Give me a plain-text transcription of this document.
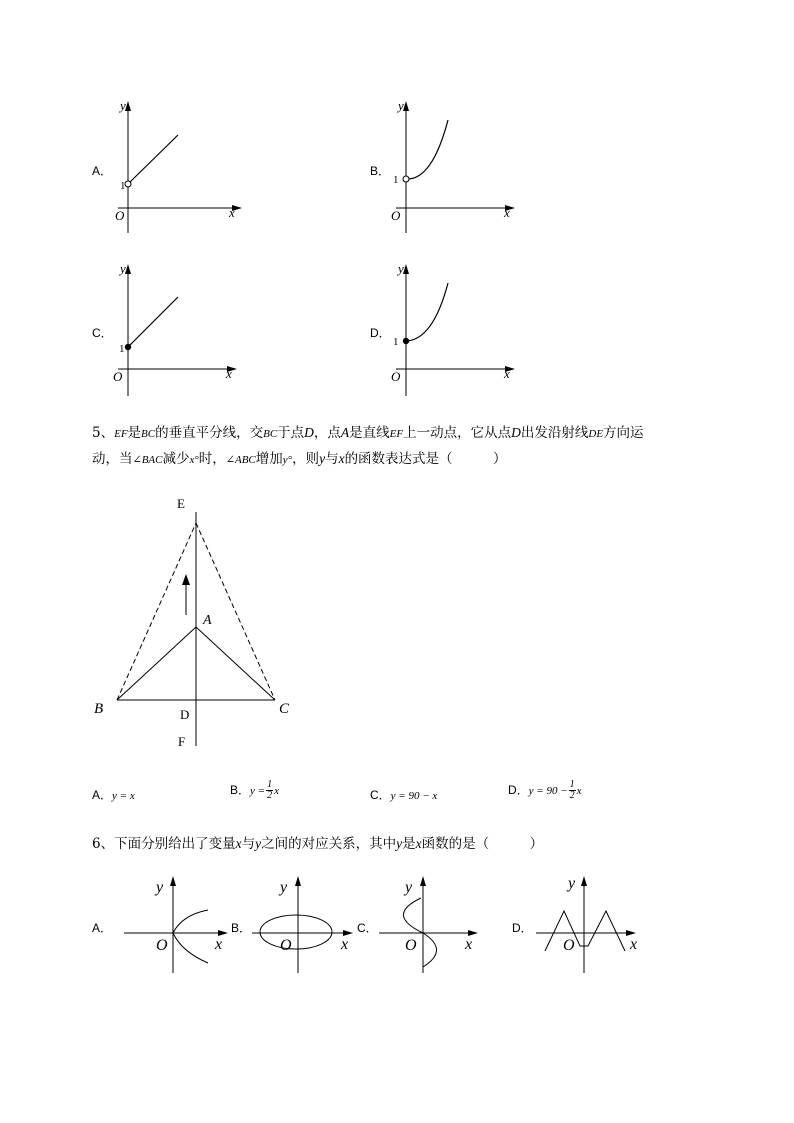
A．
y
x
O
1
B．
y
x
O
1
C．
y
x
O
1
D．
y
x
O
1
5、EF是BC的垂直平分线，交BC于点D，点A是直线EF上一动点，它从点D出发沿射线DE方向运
动，当∠BAC减少x°时，∠ABC增加y°，则y与x的函数表达式是（　　　）
E
A
B	C
D
F
A．y = x	B．$y = \frac{1}{2}$ x	C．y = 90 − x	D．$y = 90 - \frac{1}{2}$ x
6、下面分别给出了变量x与y之间的对应关系，其中y是x函数的是（　　　）
A．
y
x
O
B．
y
x
O
C．
y
x
O
D．
y
x
O
